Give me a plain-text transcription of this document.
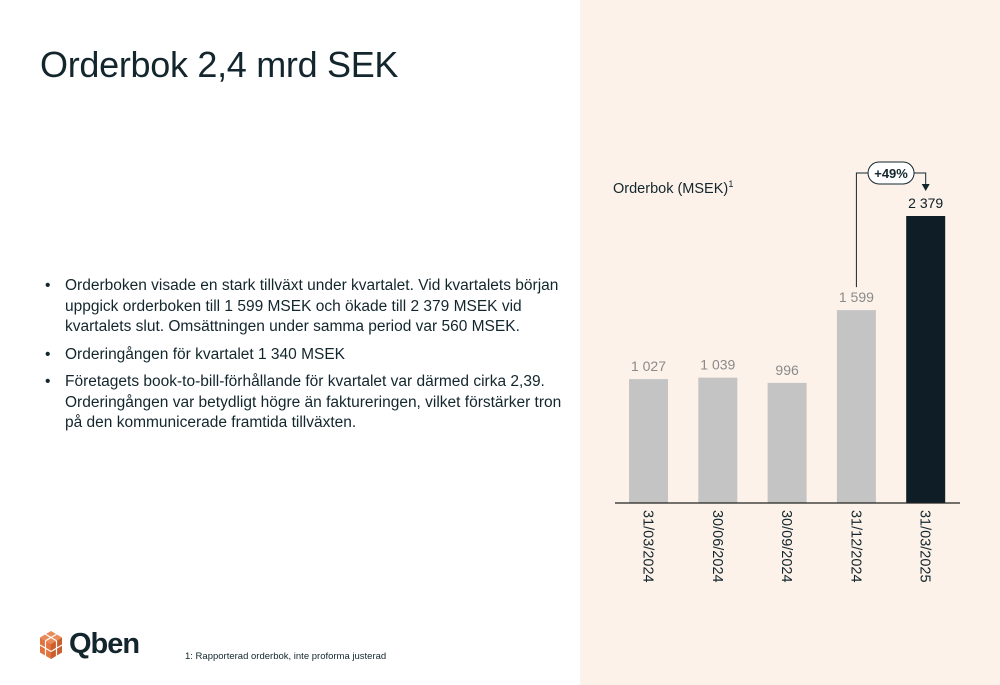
Orderbok 2,4 mrd SEK
• Orderboken visade en stark tillväxt under kvartalet. Vid kvartalets början uppgick orderboken till 1 599 MSEK och ökade till 2 379 MSEK vid kvartalets slut. Omsättningen under samma period var 560 MSEK.
• Orderingången för kvartalet 1 340 MSEK
• Företagets book-to-bill-förhållande för kvartalet var därmed cirka 2,39. Orderingången var betydligt högre än faktureringen, vilket förstärker tron på den kommunicerade framtida tillväxten.
Qben	1: Rapporterad orderbok, inte proforma justerad
Orderbok (MSEK)$^1$
1 027 1 039	996
1 599
2 379
31/03/2024	30/06/2024	30/09/2024	31/12/2024	31/03/2025
+49%
